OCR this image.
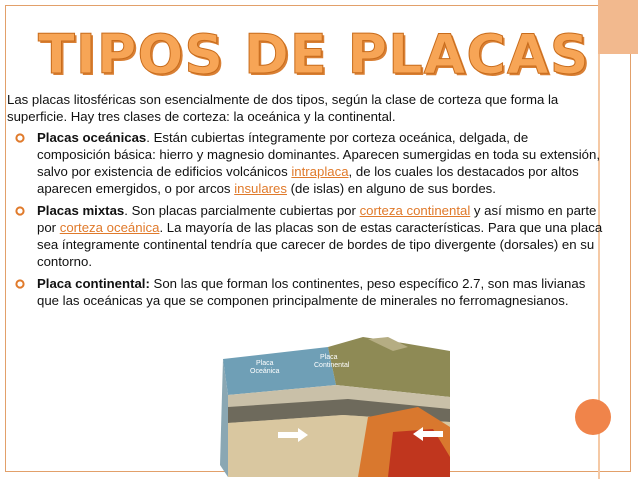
TIPOS DE PLACAS

Las placas litosféricas son esencialmente de dos tipos, según la clase de corteza que forma la superficie. Hay tres clases de corteza: la oceánica y la continental.

Placas oceánicas. Están cubiertas íntegramente por corteza oceánica, delgada, de composición básica: hierro y magnesio dominantes. Aparecen sumergidas en toda su extensión, salvo por existencia de edificios volcánicos intraplaca, de los cuales los destacados por altos aparecen emergidos, o por arcos insulares (de islas) en alguno de sus bordes.
Placas mixtas. Son placas parcialmente cubiertas por corteza continental y así mismo en parte por corteza oceánica. La mayoría de las placas son de estas características. Para que una placa sea íntegramente continental tendría que carecer de bordes de tipo divergente (dorsales) en su contorno.
Placa continental: Son las que forman los continentes, peso específico 2.7, son mas livianas que las oceánicas ya que se componen principalmente de minerales no ferromagnesianos.
Placa Oceánica
Placa Continental
